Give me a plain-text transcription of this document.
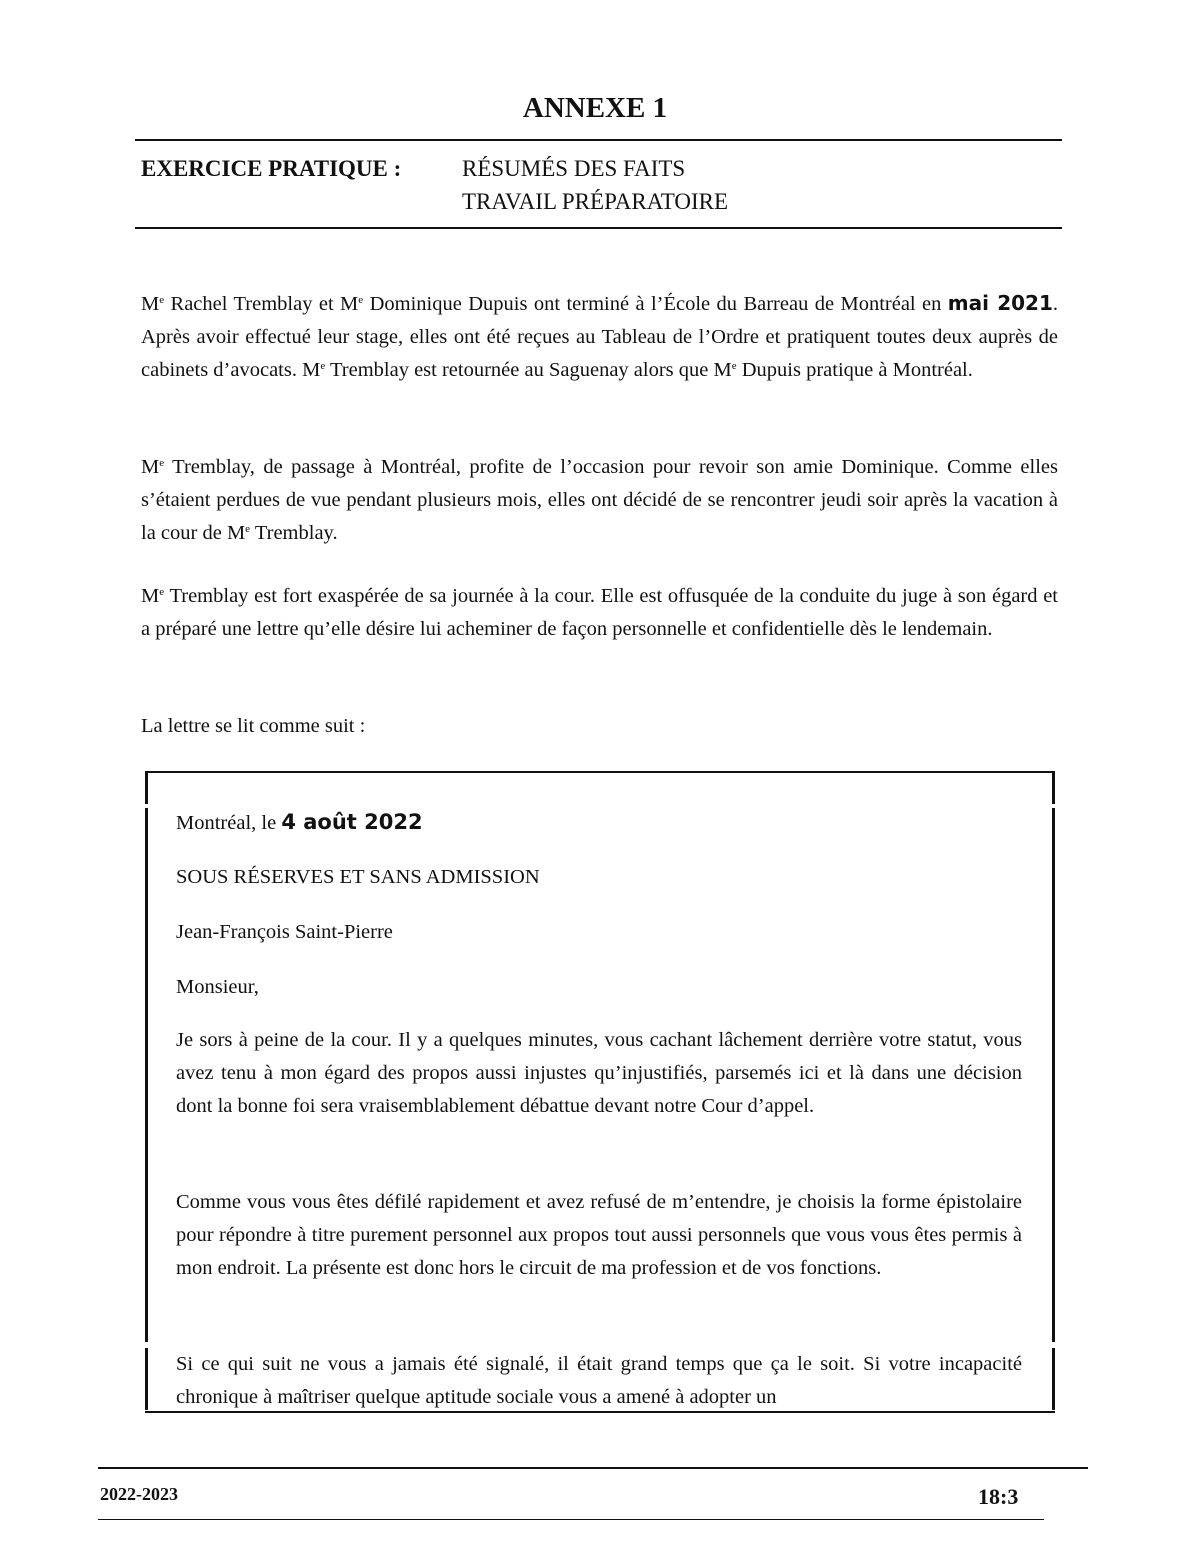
ANNEXE 1
EXERCICE PRATIQUE :	RÉSUMÉS DES FAITS
TRAVAIL PRÉPARATOIRE
Me Rachel Tremblay et Me Dominique Dupuis ont terminé à l’École du Barreau de Montréal en mai 2021. Après avoir effectué leur stage, elles ont été reçues au Tableau de l’Ordre et pratiquent toutes deux auprès de cabinets d’avocats. Me Tremblay est retournée au Saguenay alors que Me Dupuis pratique à Montréal.
Me Tremblay, de passage à Montréal, profite de l’occasion pour revoir son amie Dominique. Comme elles s’étaient perdues de vue pendant plusieurs mois, elles ont décidé de se rencontrer jeudi soir après la vacation à la cour de Me Tremblay.
Me Tremblay est fort exaspérée de sa journée à la cour. Elle est offusquée de la conduite du juge à son égard et a préparé une lettre qu’elle désire lui acheminer de façon personnelle et confidentielle dès le lendemain.
La lettre se lit comme suit :
Montréal, le 4 août 2022
SOUS RÉSERVES ET SANS ADMISSION
Jean-François Saint-Pierre
Monsieur,
Je sors à peine de la cour. Il y a quelques minutes, vous cachant lâchement derrière votre statut, vous avez tenu à mon égard des propos aussi injustes qu’injustifiés, parsemés ici et là dans une décision dont la bonne foi sera vraisemblablement débattue devant notre Cour d’appel.
Comme vous vous êtes défilé rapidement et avez refusé de m’entendre, je choisis la forme épistolaire pour répondre à titre purement personnel aux propos tout aussi personnels que vous vous êtes permis à mon endroit. La présente est donc hors le circuit de ma profession et de vos fonctions.
Si ce qui suit ne vous a jamais été signalé, il était grand temps que ça le soit. Si votre incapacité chronique à maîtriser quelque aptitude sociale vous a amené à adopter un
2022-2023	18:3
